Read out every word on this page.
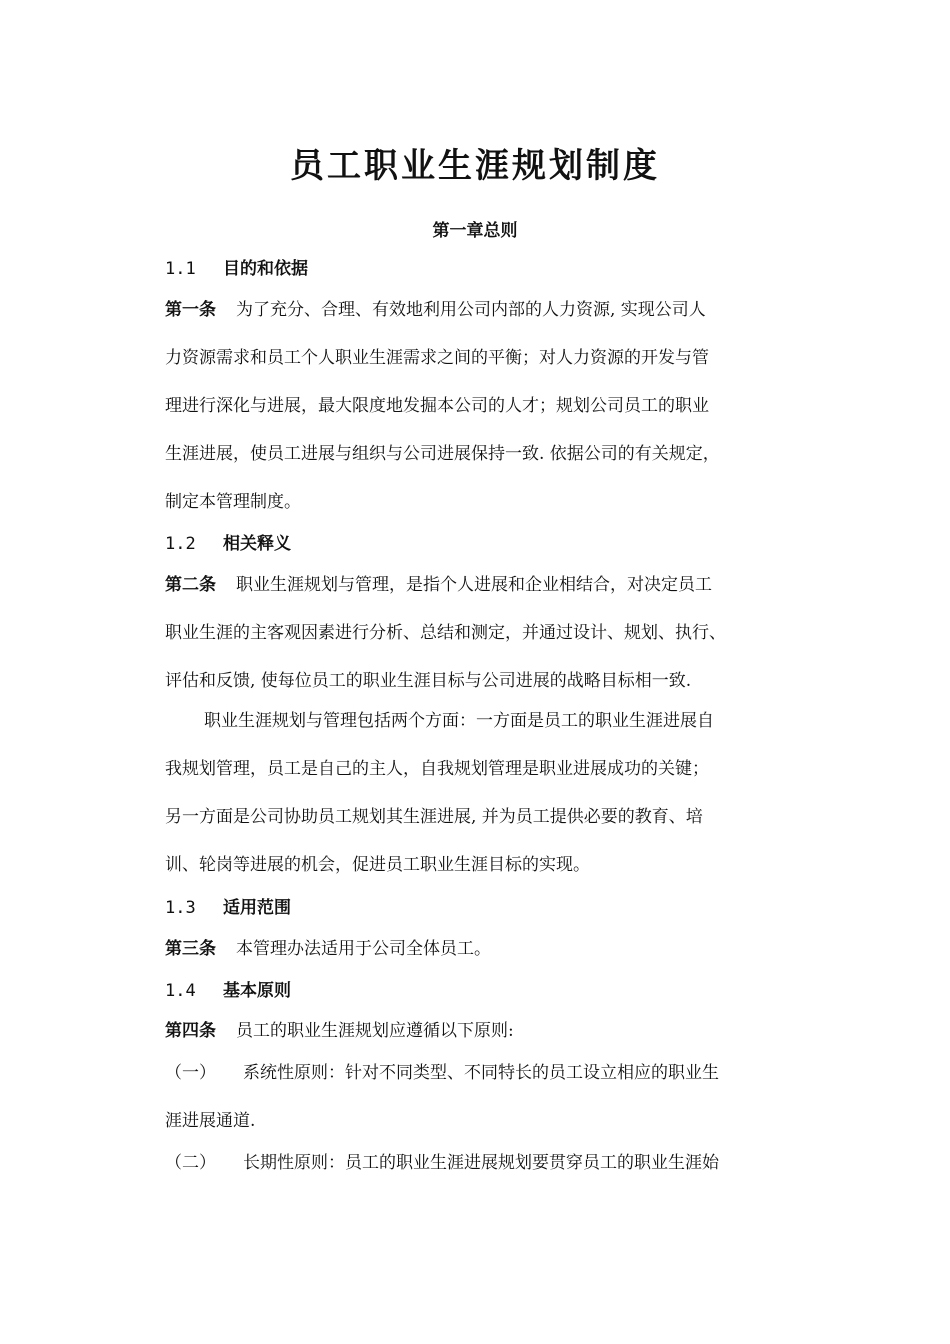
员工职业生涯规划制度
第一章总则
1.1 目的和依据
第一条 为了充分、合理、有效地利用公司内部的人力资源, 实现公司人
力资源需求和员工个人职业生涯需求之间的平衡；对人力资源的开发与管
理进行深化与进展，最大限度地发掘本公司的人才；规划公司员工的职业
生涯进展，使员工进展与组织与公司进展保持一致. 依据公司的有关规定，
制定本管理制度。
1.2 相关释义
第二条 职业生涯规划与管理，是指个人进展和企业相结合，对决定员工
职业生涯的主客观因素进行分析、总结和测定，并通过设计、规划、执行、
评估和反馈, 使每位员工的职业生涯目标与公司进展的战略目标相一致.
职业生涯规划与管理包括两个方面：一方面是员工的职业生涯进展自
我规划管理，员工是自己的主人，自我规划管理是职业进展成功的关键；
另一方面是公司协助员工规划其生涯进展, 并为员工提供必要的教育、培
训、轮岗等进展的机会，促进员工职业生涯目标的实现。
1.3 适用范围
第三条 本管理办法适用于公司全体员工。
1.4 基本原则
第四条 员工的职业生涯规划应遵循以下原则:
（一） 系统性原则：针对不同类型、不同特长的员工设立相应的职业生
涯进展通道.
（二） 长期性原则：员工的职业生涯进展规划要贯穿员工的职业生涯始
